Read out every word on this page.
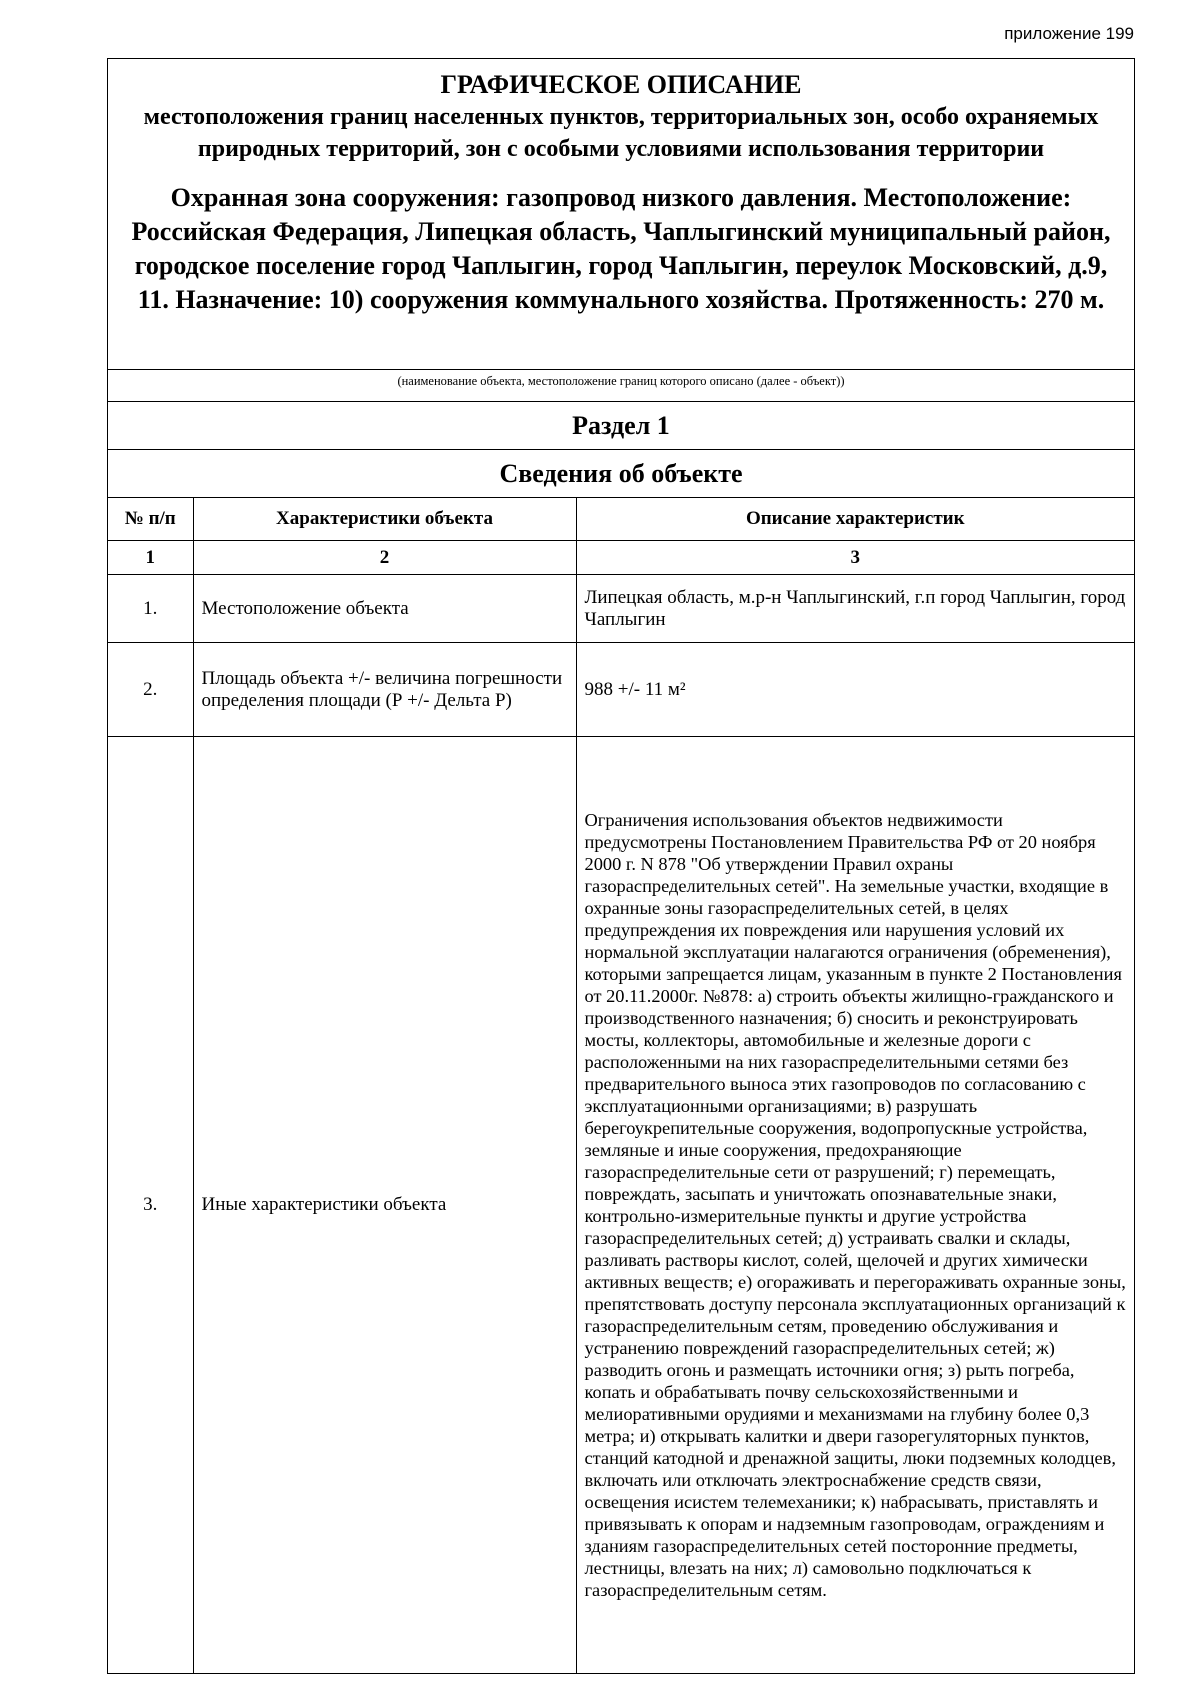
приложение 199
ГРАФИЧЕСКОЕ ОПИСАНИЕ
местоположения границ населенных пунктов, территориальных зон, особо охраняемых природных территорий, зон с особыми условиями использования территории
Охранная зона сооружения: газопровод низкого давления. Местоположение: Российская Федерация, Липецкая область, Чаплыгинский муниципальный район, городское поселение город Чаплыгин, город Чаплыгин, переулок Московский, д.9, 11. Назначение: 10) сооружения коммунального хозяйства. Протяженность: 270 м.
(наименование объекта, местоположение границ которого описано (далее - объект))
Раздел 1
Сведения об объекте
№ п/п	Характеристики объекта	Описание характеристик
1	2	3
1.	Местоположение объекта	Липецкая область, м.р-н Чаплыгинский, г.п город Чаплыгин, город Чаплыгин
2.	Площадь объекта +/- величина погрешности определения площади (Р +/- Дельта Р)	988 +/- 11 м²
3.	Иные характеристики объекта	Ограничения использования объектов недвижимости предусмотрены Постановлением Правительства РФ от 20 ноября 2000 г. N 878 "Об утверждении Правил охраны газораспределительных сетей". На земельные участки, входящие в охранные зоны газораспределительных сетей, в целях предупреждения их повреждения или нарушения условий их нормальной эксплуатации налагаются ограничения (обременения), которыми запрещается лицам, указанным в пункте 2 Постановления от 20.11.2000г. №878: а) строить объекты жилищно-гражданского и производственного назначения; б) сносить и реконструировать мосты, коллекторы, автомобильные и железные дороги с расположенными на них газораспределительными сетями без предварительного выноса этих газопроводов по согласованию с эксплуатационными организациями; в) разрушать берегоукрепительные сооружения, водопропускные устройства, земляные и иные сооружения, предохраняющие газораспределительные сети от разрушений; г) перемещать, повреждать, засыпать и уничтожать опознавательные знаки, контрольно-измерительные пункты и другие устройства газораспределительных сетей; д) устраивать свалки и склады, разливать растворы кислот, солей, щелочей и других химически активных веществ; е) огораживать и перегораживать охранные зоны, препятствовать доступу персонала эксплуатационных организаций к газораспределительным сетям, проведению обслуживания и устранению повреждений газораспределительных сетей; ж) разводить огонь и размещать источники огня; з) рыть погреба, копать и обрабатывать почву сельскохозяйственными и мелиоративными орудиями и механизмами на глубину более 0,3 метра; и) открывать калитки и двери газорегуляторных пунктов, станций катодной и дренажной защиты, люки подземных колодцев, включать или отключать электроснабжение средств связи, освещения исистем телемеханики; к) набрасывать, приставлять и привязывать к опорам и надземным газопроводам, ограждениям и зданиям газораспределительных сетей посторонние предметы, лестницы, влезать на них; л) самовольно подключаться к газораспределительным сетям.
